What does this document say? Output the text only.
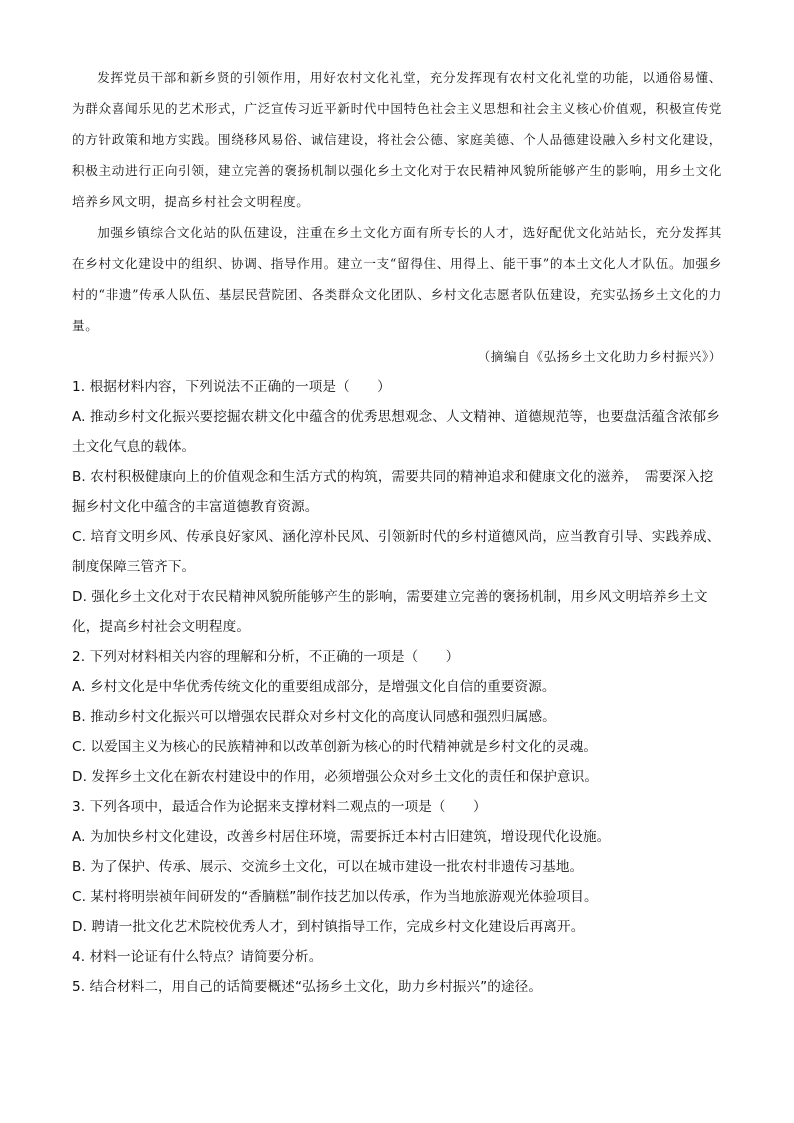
发挥党员干部和新乡贤的引领作用，用好农村文化礼堂，充分发挥现有农村文化礼堂的功能，以通俗易懂、为群众喜闻乐见的艺术形式，广泛宣传习近平新时代中国特色社会主义思想和社会主义核心价值观，积极宣传党的方针政策和地方实践。围绕移风易俗、诚信建设，将社会公德、家庭美德、个人品德建设融入乡村文化建设，积极主动进行正向引领，建立完善的褒扬机制以强化乡土文化对于农民精神风貌所能够产生的影响，用乡土文化培养乡风文明，提高乡村社会文明程度。

加强乡镇综合文化站的队伍建设，注重在乡土文化方面有所专长的人才，选好配优文化站站长，充分发挥其在乡村文化建设中的组织、协调、指导作用。建立一支“留得住、用得上、能干事”的本土文化人才队伍。加强乡村的“非遗”传承人队伍、基层民营院团、各类群众文化团队、乡村文化志愿者队伍建设，充实弘扬乡土文化的力量。

（摘编自《弘扬乡土文化助力乡村振兴》）
1. 根据材料内容，下列说法不正确的一项是（　　）
A. 推动乡村文化振兴要挖掘农耕文化中蕴含的优秀思想观念、人文精神、道德规范等，也要盘活蕴含浓郁乡土文化气息的载体。
B. 农村积极健康向上的价值观念和生活方式的构筑，需要共同的精神追求和健康文化的滋养，　需要深入挖掘乡村文化中蕴含的丰富道德教育资源。
C. 培育文明乡风、传承良好家风、涵化淳朴民风、引领新时代的乡村道德风尚，应当教育引导、实践养成、制度保障三管齐下。
D. 强化乡土文化对于农民精神风貌所能够产生的影响，需要建立完善的褒扬机制，用乡风文明培养乡土文化，提高乡村社会文明程度。
2. 下列对材料相关内容的理解和分析，不正确的一项是（　　）
A. 乡村文化是中华优秀传统文化的重要组成部分，是增强文化自信的重要资源。
B. 推动乡村文化振兴可以增强农民群众对乡村文化的高度认同感和强烈归属感。
C. 以爱国主义为核心的民族精神和以改革创新为核心的时代精神就是乡村文化的灵魂。
D. 发挥乡土文化在新农村建设中的作用，必须增强公众对乡土文化的责任和保护意识。
3. 下列各项中，最适合作为论据来支撑材料二观点的一项是（　　）
A. 为加快乡村文化建设，改善乡村居住环境，需要拆迁本村古旧建筑，增设现代化设施。
B. 为了保护、传承、展示、交流乡土文化，可以在城市建设一批农村非遗传习基地。
C. 某村将明崇祯年间研发的“香腩糕”制作技艺加以传承，作为当地旅游观光体验项目。
D. 聘请一批文化艺术院校优秀人才，到村镇指导工作，完成乡村文化建设后再离开。
4. 材料一论证有什么特点？请简要分析。
5. 结合材料二，用自己的话简要概述“弘扬乡土文化，助力乡村振兴”的途径。
